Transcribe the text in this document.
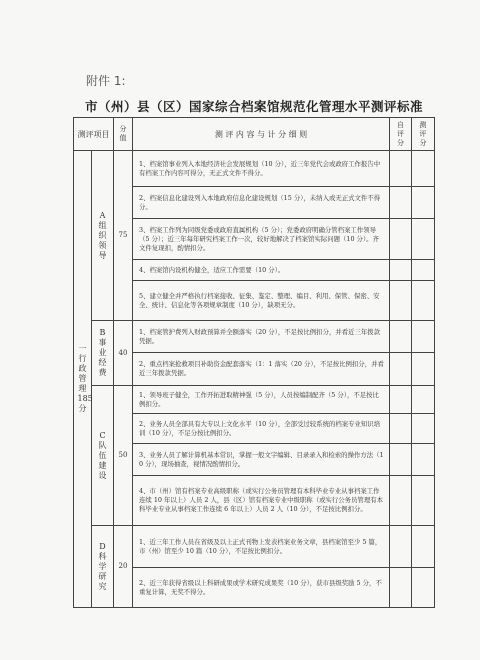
附件 1:
市（州）县（区）国家综合档案馆规范化管理水平测评标准
测评项目		分值	测 评 内 容 与 计 分 细 则	自评分	测评分

一行政管理 185 分	A组织领导	75	1、档案馆事业列入本地经济社会发展规划（10 分），近三年党代会或政府工作报告中有档案工作内容可得分，无正式文件不得分。		
			2、档案信息化建设列入本地政府信息化建设规划（15 分），未纳入或无正式文件不得分。		
			3、档案工作列为同级党委或政府直属机构（5 分）；党委政府明确分管档案工作领导（5 分）；近三年每年研究档案工作一次，较好地解决了档案馆实际问题（10 分）。齐文件复现扣，酌情扣分。		
			4、档案馆内设机构健全，适应工作需要（10 分）。		
			5、建立健全并严格执行档案接收、征集、鉴定、整理、编目、利用、保管、保密、安全、统计、信息化等各项规章制度（10 分），缺项无分。		

	B事业经费	40	1、档案管护费列入财政预算并全额落实（20 分），不足按比例扣分，并看近三年拨款凭据。		
			2、重点档案抢救项目补助资金配套落实（1：1 落实（20 分），不足按比例扣分，并看近三年拨款凭据。		

	C队伍建设	50	1、领导班子健全，工作开拓进取精神强（5 分），人员按编制配齐（5 分），不足按比例扣分。		
			2、业务人员全部具有大专以上文化水平（10 分），全部受过较系统的档案专业知识培训（10 分），不足分按比例扣分。		
			3、业务人员了解计算机基本常识，掌握一般文字编辑、目录录入和检索的操作方法（10 分），现场抽查，视情况酌情扣分。		
			4、市（州）馆有档案专业高级职称（或实行公务员管理有本科毕业专业从事档案工作连续 10 年以上）人员 2 人，县（区）馆有档案专业中级职称（或实行公务员管理有本科毕业专业从事档案工作连续 6 年以上）人员 2 人（10 分），不足按比例扣分。		

	D科学研究	20	1、近三年工作人员在省级及以上正式刊物上发表档案业务文章，县档案馆至少 5 篇，市（州）馆至少 10 篇（10 分），不足按比例扣分。		
			2、近三年获得省级以上科研成果或学术研究成果奖（10 分），获市县级奖励 5 分，不重复计算，无奖不得分。		
